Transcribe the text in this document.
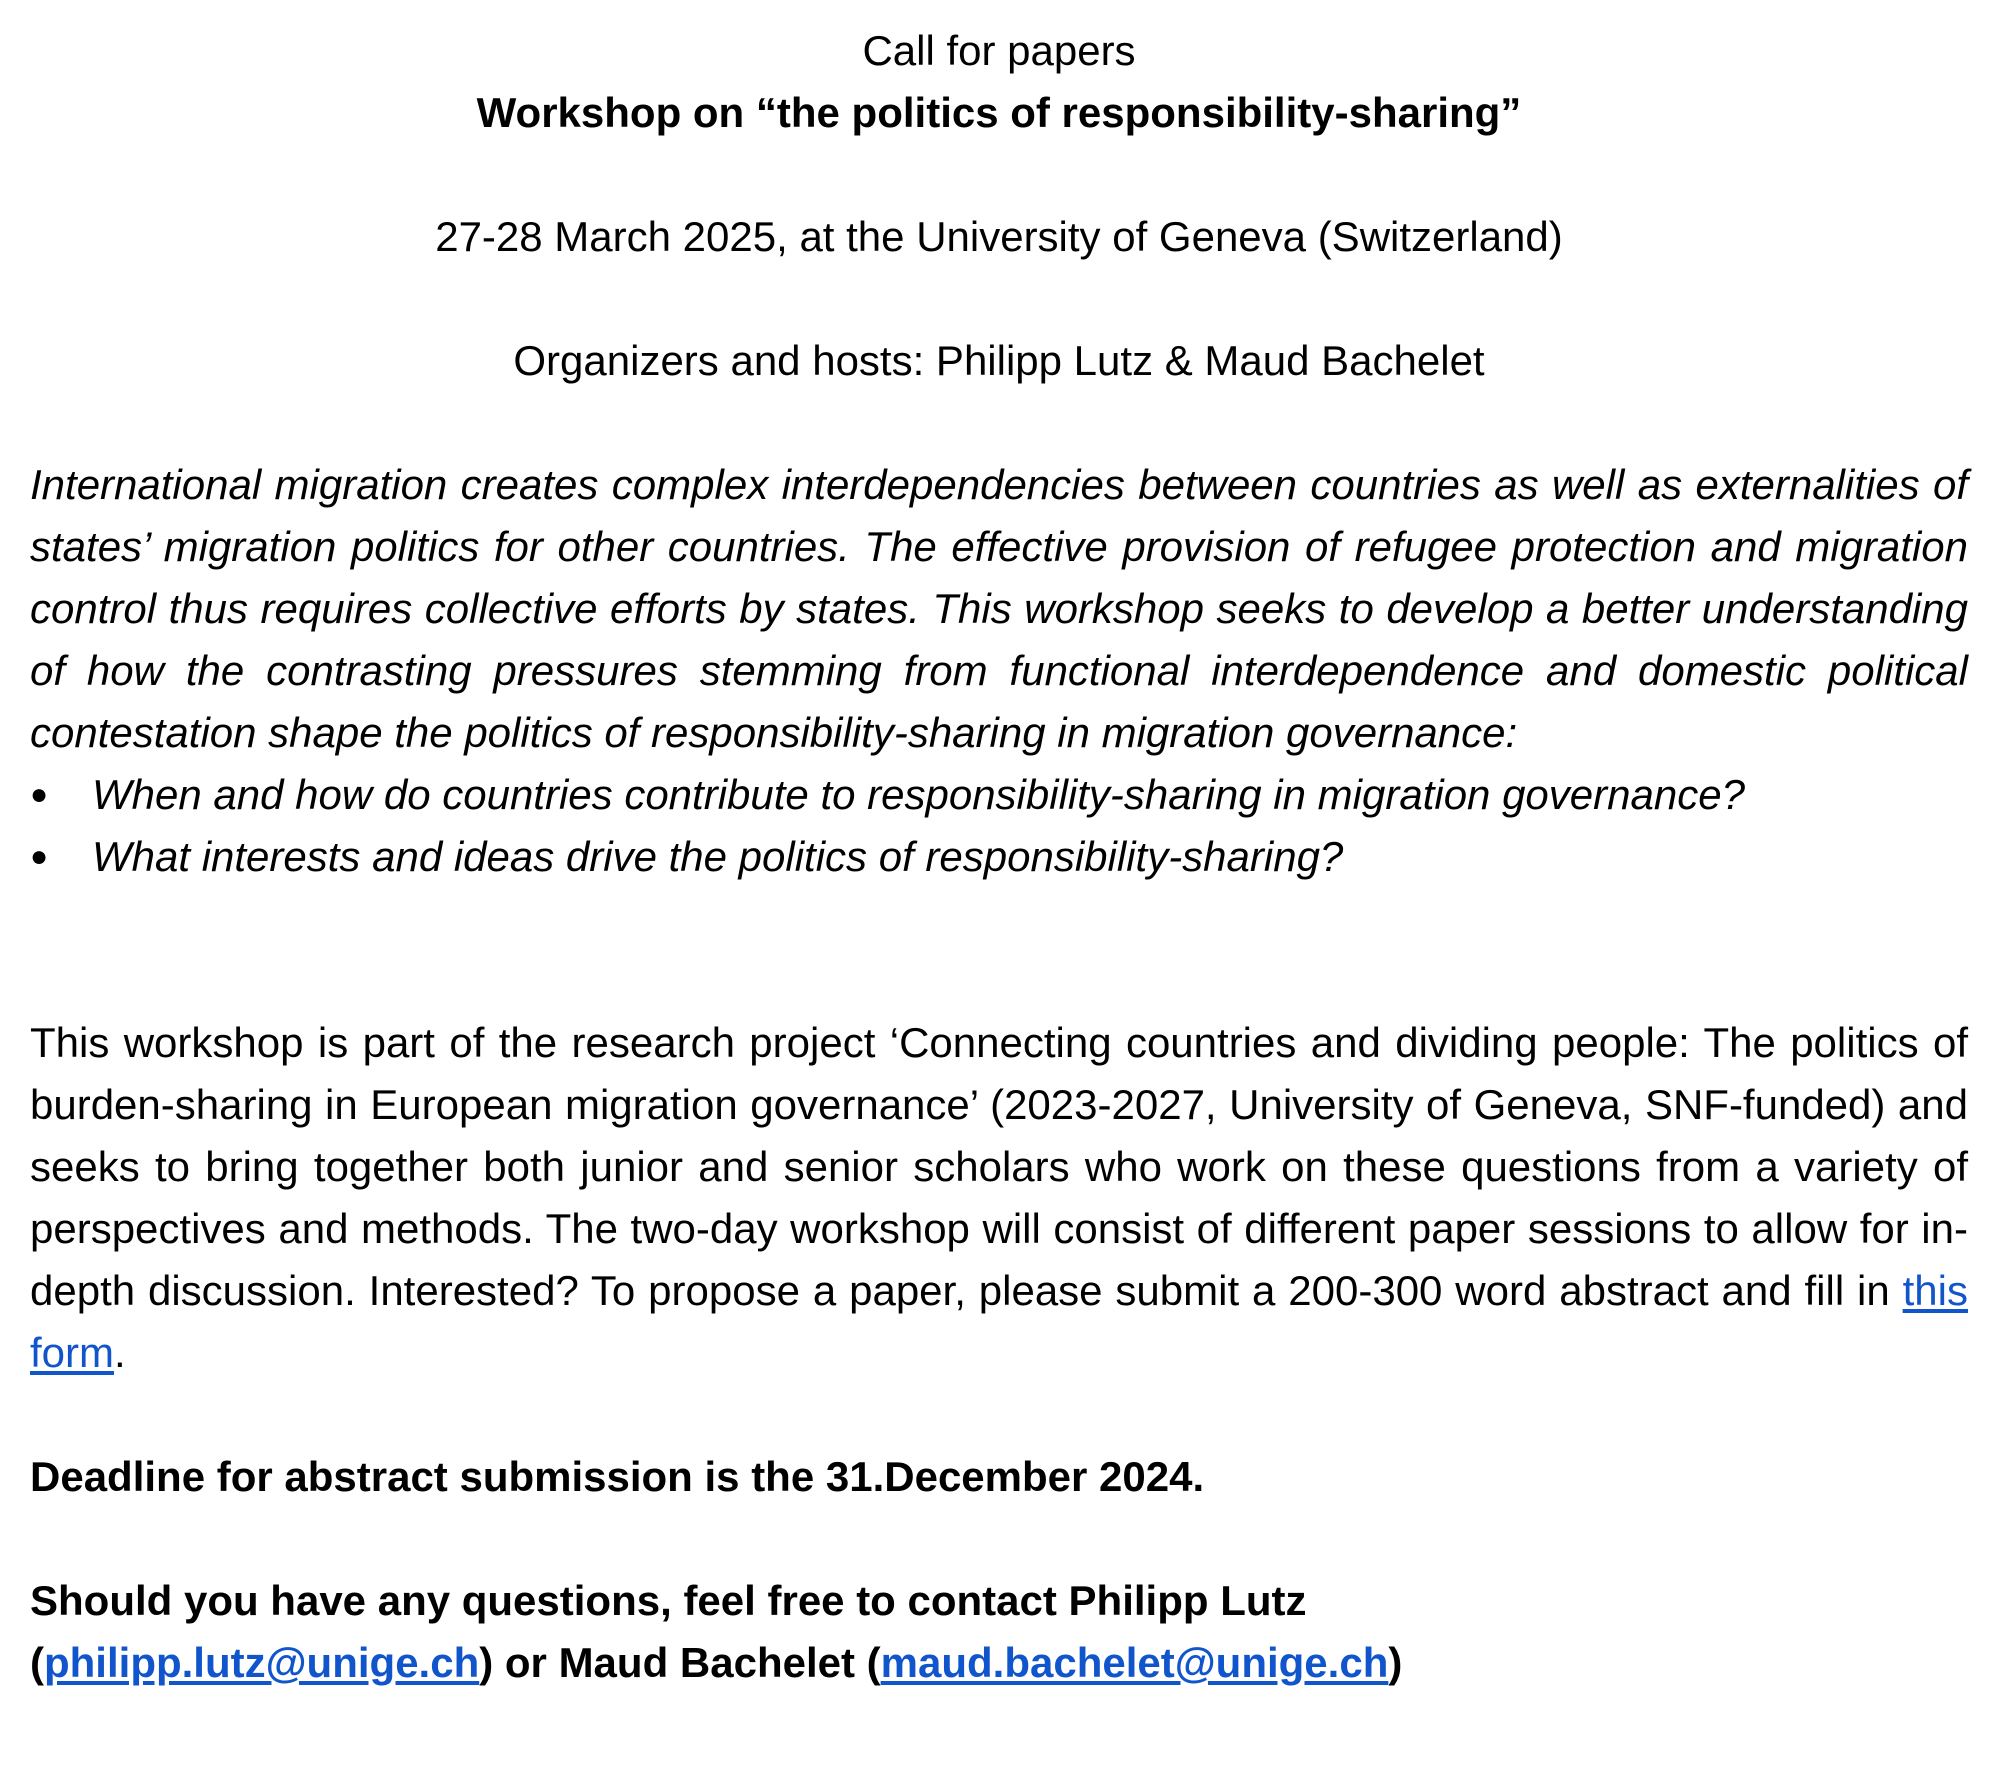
Call for papers

Workshop on “the politics of responsibility-sharing”

27-28 March 2025, at the University of Geneva (Switzerland)

Organizers and hosts: Philipp Lutz & Maud Bachelet

International migration creates complex interdependencies between countries as well as externalities of states’ migration politics for other countries. The effective provision of refugee protection and migration control thus requires collective efforts by states. This workshop seeks to develop a better understanding of how the contrasting pressures stemming from functional interdependence and domestic political contestation shape the politics of responsibility-sharing in migration governance:

● When and how do countries contribute to responsibility-sharing in migration governance?
● What interests and ideas drive the politics of responsibility-sharing?

This workshop is part of the research project ‘Connecting countries and dividing people: The politics of burden-sharing in European migration governance’ (2023-2027, University of Geneva, SNF-funded) and seeks to bring together both junior and senior scholars who work on these questions from a variety of perspectives and methods. The two-day workshop will consist of different paper sessions to allow for in-depth discussion. Interested? To propose a paper, please submit a 200-300 word abstract and fill in this form.

Deadline for abstract submission is the 31.December 2024.

Should you have any questions, feel free to contact Philipp Lutz

(philipp.lutz@unige.ch) or Maud Bachelet (maud.bachelet@unige.ch)
